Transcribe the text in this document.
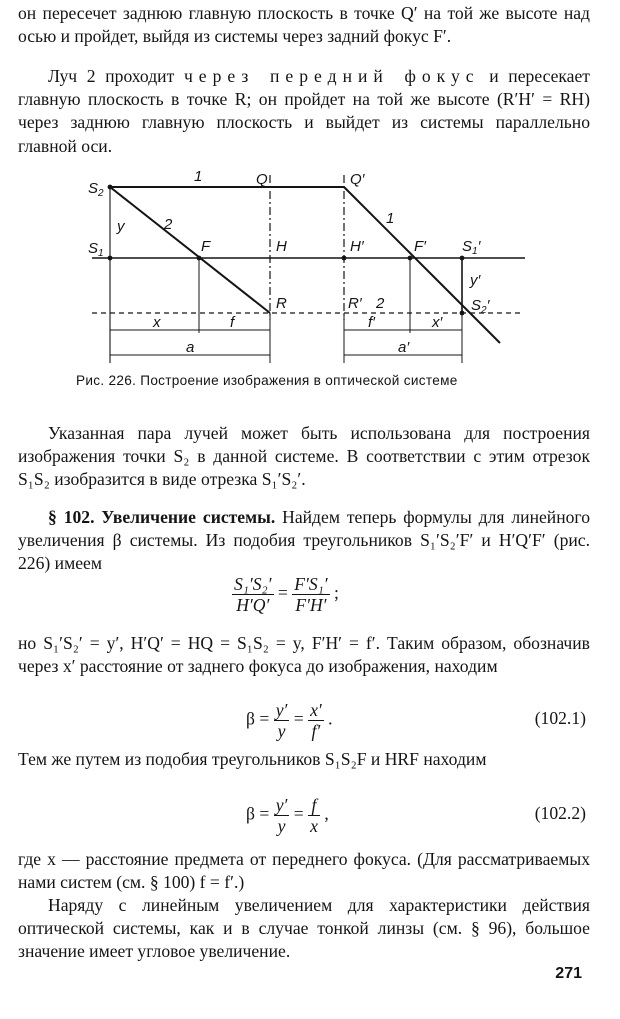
он пересечет заднюю главную плоскость в точке Q′ на той же высоте над осью и пройдет, выйдя из системы через задний фокус F′.

Луч 2 проходит через передний фокус и пересекает главную плоскость в точке R; он пройдет на той же высоте (R′H′ = RH) через заднюю главную плоскость и выйдет из системы параллельно главной оси.

$S_2$
$S_1$
y
1
2
F	H
Q
R
x	f
a
Q′
H′	F′ $S_1'$
$S_2'$
y′
R′
1
2
f′	x′
a′
Рис. 226. Построение изображения в оптической системе

Указанная пара лучей может быть использована для построения изображения точки S₂ в данной системе. В соответствии с этим отрезок S₁S₂ изобразится в виде отрезка S₁′S₂′.

§ 102. Увеличение системы. Найдем теперь формулы для линейного увеличения β системы. Из подобия треугольников S₁′S₂′F′ и H′Q′F′ (рис. 226) имеем

$\frac{\text{S₁′S₂′}}{H'Q'} = \frac{\text{F′S₁′}}{F'H'}$ ;

но S₁′S₂′ = y′, H′Q′ = HQ = S₁S₂ = y, F′H′ = f′. Таким образом, обозначив через x′ расстояние от заднего фокуса до изображения, находим

$\beta = \frac{y'}{y} = \frac{x'}{f'}$ .	(102.1)

Тем же путем из подобия треугольников S₁S₂F и HRF находим

$\beta = \frac{y'}{y} = \frac{f}{x}$ ,	(102.2)

где x — расстояние предмета от переднего фокуса. (Для рассматриваемых нами систем (см. § 100) f = f′.)

Наряду с линейным увеличением для характеристики действия оптической системы, как и в случае тонкой линзы (см. § 96), большое значение имеет угловое увеличение.

271
